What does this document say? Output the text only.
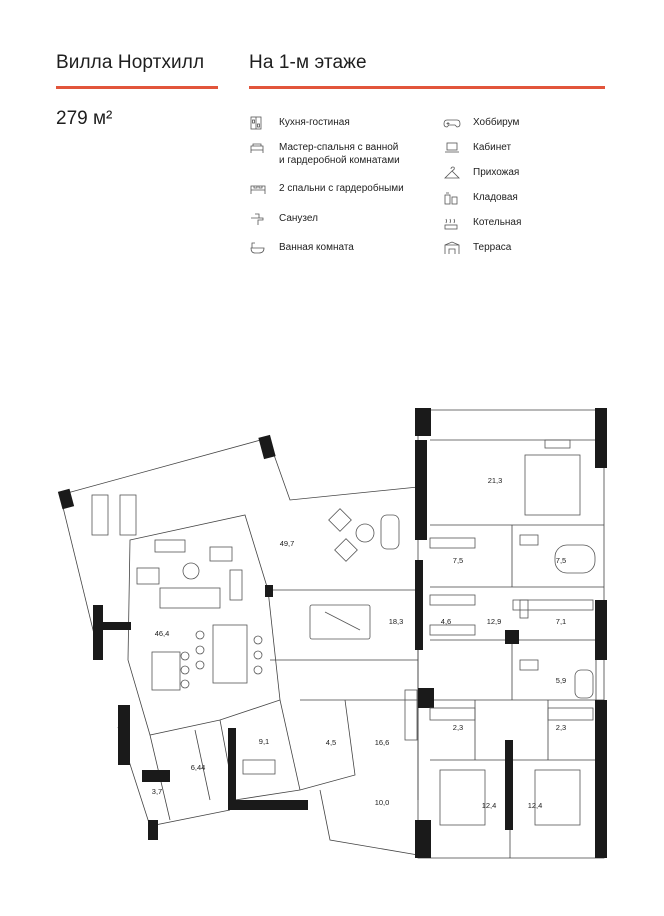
Вилла Нортхилл На 1-м этаже
279 м²	Кухня-гостиная
Мастер-спальня с ванной
и гардеробной комнатами
2 спальни с гардеробными
Санузел
Ванная комната
Хоббирум
Кабинет
Прихожая
Кладовая
Котельная
Терраса
49,7
21,3
7,5	7,5
46,4
18,3	4,6	12,9	7,1
5,9
9,1	4,5	16,6
2,3	2,3
6,44
3,7
10,0	12,4	12,4
